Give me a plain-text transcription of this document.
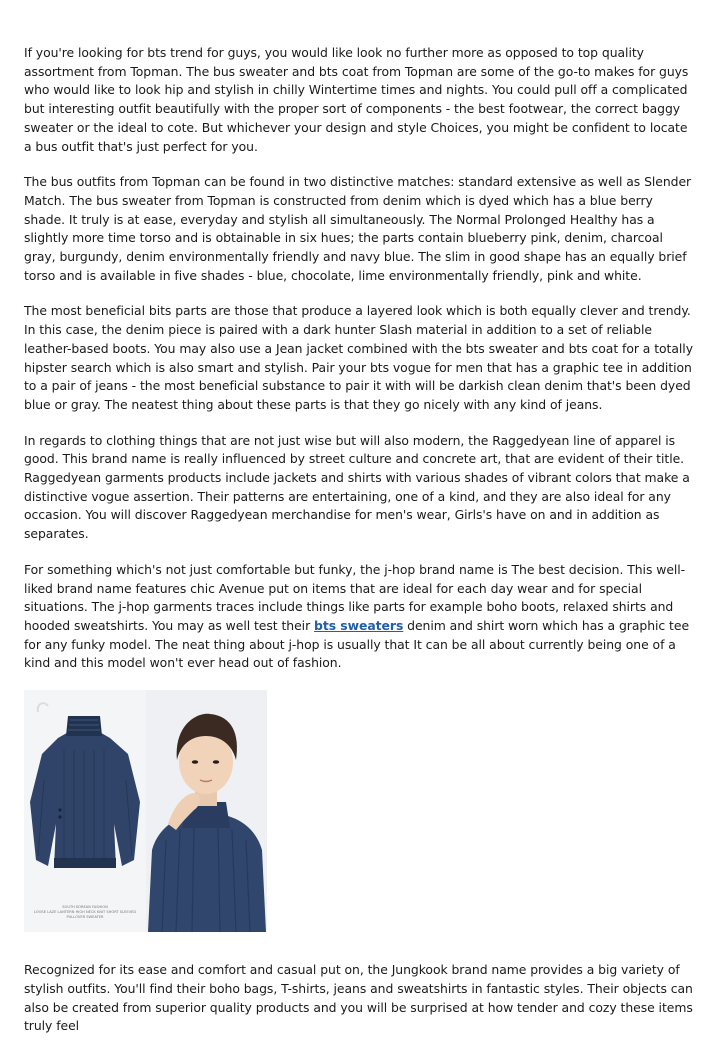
If you're looking for bts trend for guys, you would like look no further more as opposed to top quality assortment from Topman. The bus sweater and bts coat from Topman are some of the go-to makes for guys who would like to look hip and stylish in chilly Wintertime times and nights. You could pull off a complicated but interesting outfit beautifully with the proper sort of components - the best footwear, the correct baggy sweater or the ideal to cote. But whichever your design and style Choices, you might be confident to locate a bus outfit that's just perfect for you.

The bus outfits from Topman can be found in two distinctive matches: standard extensive as well as Slender Match. The bus sweater from Topman is constructed from denim which is dyed which has a blue berry shade. It truly is at ease, everyday and stylish all simultaneously. The Normal Prolonged Healthy has a slightly more time torso and is obtainable in six hues; the parts contain blueberry pink, denim, charcoal gray, burgundy, denim environmentally friendly and navy blue. The slim in good shape has an equally brief torso and is available in five shades - blue, chocolate, lime environmentally friendly, pink and white.

The most beneficial bits parts are those that produce a layered look which is both equally clever and trendy. In this case, the denim piece is paired with a dark hunter Slash material in addition to a set of reliable leather-based boots. You may also use a Jean jacket combined with the bts sweater and bts coat for a totally hipster search which is also smart and stylish. Pair your bts vogue for men that has a graphic tee in addition to a pair of jeans - the most beneficial substance to pair it with will be darkish clean denim that's been dyed blue or gray. The neatest thing about these parts is that they go nicely with any kind of jeans.

In regards to clothing things that are not just wise but will also modern, the Raggedyean line of apparel is good. This brand name is really influenced by street culture and concrete art, that are evident of their title. Raggedyean garments products include jackets and shirts with various shades of vibrant colors that make a distinctive vogue assertion. Their patterns are entertaining, one of a kind, and they are also ideal for any occasion. You will discover Raggedyean merchandise for men's wear, Girls's have on and in addition as separates.

For something which's not just comfortable but funky, the j-hop brand name is The best decision. This well-liked brand name features chic Avenue put on items that are ideal for each day wear and for special situations. The j-hop garments traces include things like parts for example boho boots, relaxed shirts and hooded sweatshirts. You may as well test their bts sweaters denim and shirt worn which has a graphic tee for any funky model. The neat thing about j-hop is usually that It can be all about currently being one of a kind and this model won't ever head out of fashion.

SOUTH KOREAN FASHION
LOOSE LAZE LANTERN HIGH NECK KNIT SHORT SLEEVED PULLOVER SWEATER

Recognized for its ease and comfort and casual put on, the Jungkook brand name provides a big variety of stylish outfits. You'll find their boho bags, T-shirts, jeans and sweatshirts in fantastic styles. Their objects can also be created from superior quality products and you will be surprised at how tender and cozy these items truly feel
